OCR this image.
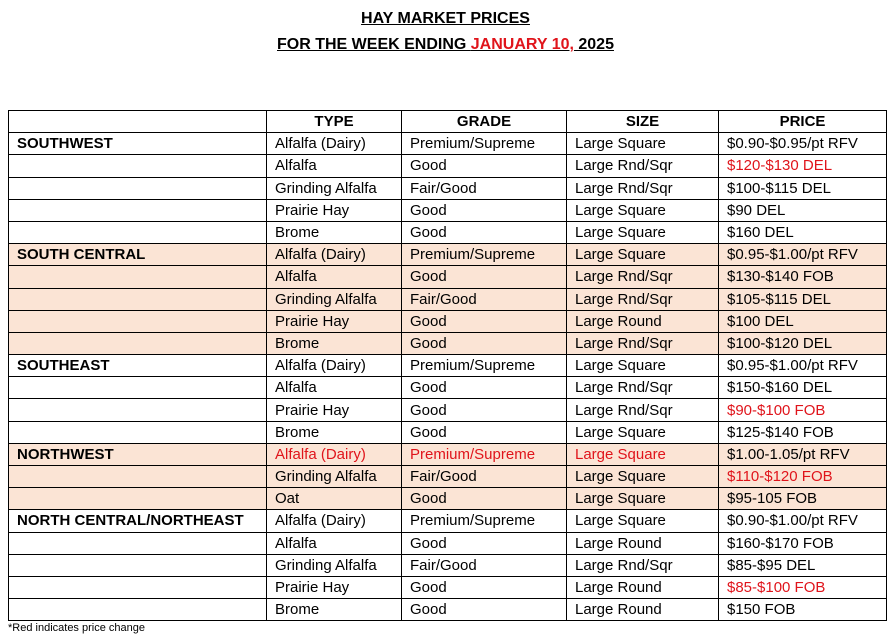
HAY MARKET PRICES
FOR THE WEEK ENDING JANUARY 10, 2025
	TYPE	GRADE	SIZE	PRICE
SOUTHWEST	Alfalfa (Dairy)	Premium/Supreme	Large Square	$0.90-$0.95/pt RFV
	Alfalfa	Good	Large Rnd/Sqr	$120-$130 DEL
	Grinding Alfalfa	Fair/Good	Large Rnd/Sqr	$100-$115 DEL
	Prairie Hay	Good	Large Square	$90 DEL
	Brome	Good	Large Square	$160 DEL
SOUTH CENTRAL	Alfalfa (Dairy)	Premium/Supreme	Large Square	$0.95-$1.00/pt RFV
	Alfalfa	Good	Large Rnd/Sqr	$130-$140 FOB
	Grinding Alfalfa	Fair/Good	Large Rnd/Sqr	$105-$115 DEL
	Prairie Hay	Good	Large Round	$100 DEL
	Brome	Good	Large Rnd/Sqr	$100-$120 DEL
SOUTHEAST	Alfalfa (Dairy)	Premium/Supreme	Large Square	$0.95-$1.00/pt RFV
	Alfalfa	Good	Large Rnd/Sqr	$150-$160 DEL
	Prairie Hay	Good	Large Rnd/Sqr	$90-$100 FOB
	Brome	Good	Large Square	$125-$140 FOB
NORTHWEST	Alfalfa (Dairy)	Premium/Supreme	Large Square	$1.00-1.05/pt RFV
	Grinding Alfalfa	Fair/Good	Large Square	$110-$120 FOB
	Oat	Good	Large Square	$95-105 FOB
NORTH CENTRAL/NORTHEAST	Alfalfa (Dairy)	Premium/Supreme	Large Square	$0.90-$1.00/pt RFV
	Alfalfa	Good	Large Round	$160-$170 FOB
	Grinding Alfalfa	Fair/Good	Large Rnd/Sqr	$85-$95 DEL
	Prairie Hay	Good	Large Round	$85-$100 FOB
	Brome	Good	Large Round	$150 FOB
*Red indicates price change
